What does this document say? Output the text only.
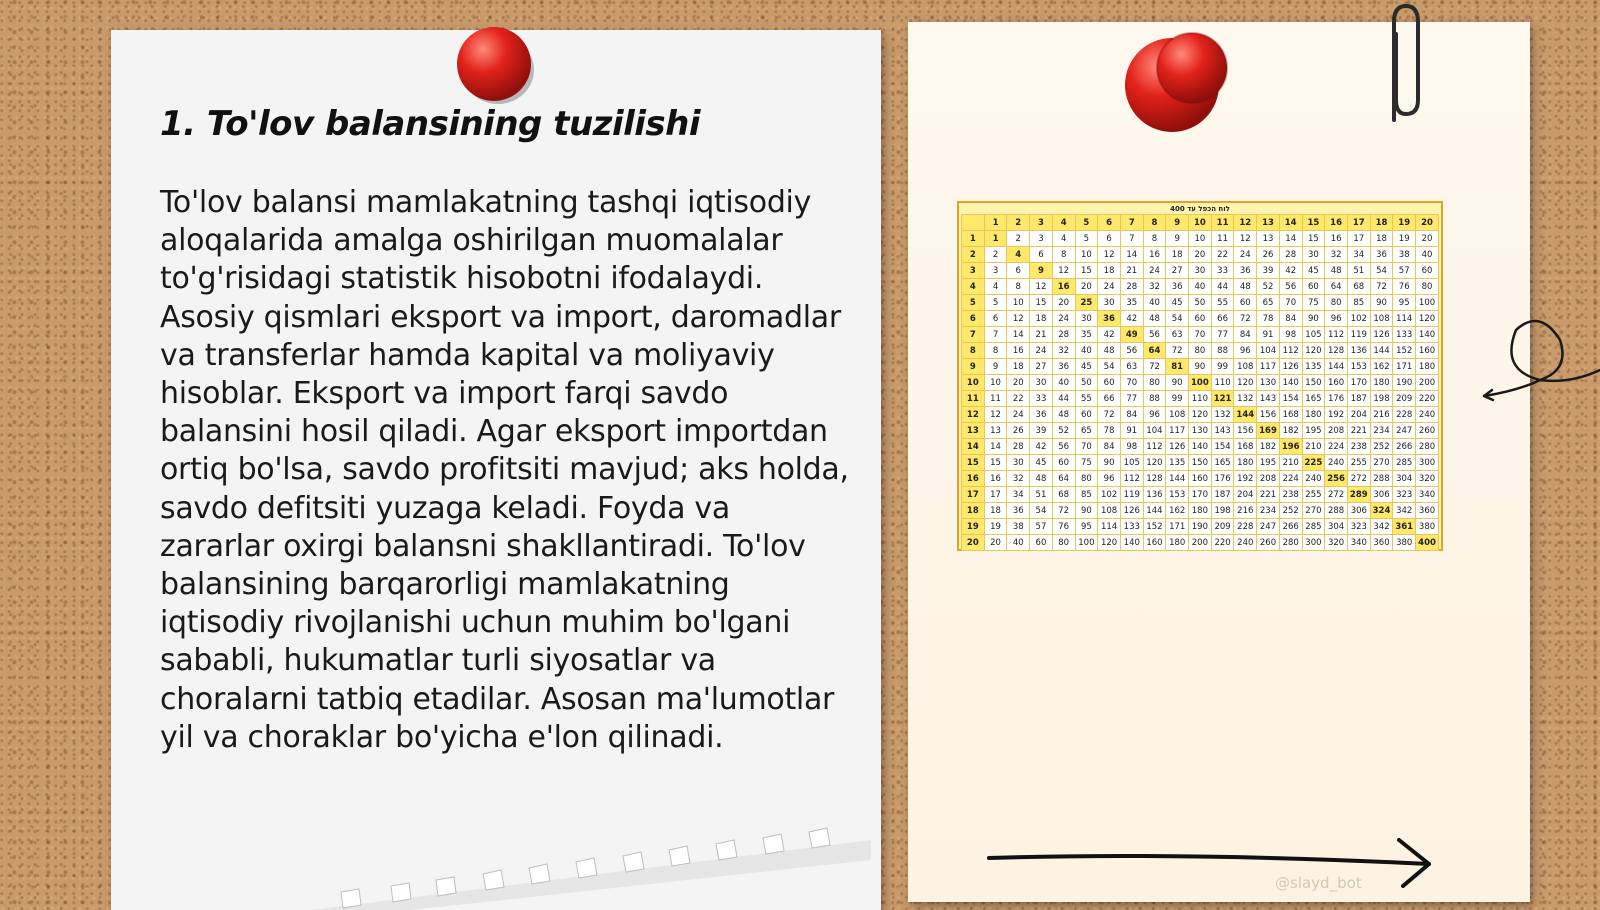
1. To'lov balansining tuzilishi

To'lov balansi mamlakatning tashqi iqtisodiy aloqalarida amalga oshirilgan muomalalar to'g'risidagi statistik hisobotni ifodalaydi. Asosiy qismlari eksport va import, daromadlar va transferlar hamda kapital va moliyaviy hisoblar. Eksport va import farqi savdo balansini hosil qiladi. Agar eksport importdan ortiq bo'lsa, savdo profitsiti mavjud; aks holda, savdo defitsiti yuzaga keladi. Foyda va zararlar oxirgi balansni shakllantiradi. To'lov balansining barqarorligi mamlakatning iqtisodiy rivojlanishi uchun muhim bo'lgani sababli, hukumatlar turli siyosatlar va choralarni tatbiq etadilar. Asosan ma'lumotlar yil va choraklar bo'yicha e'lon qilinadi.

לוח הכפל עד 400
	1	2	3	4	5	6	7	8	9	10	11	12	13	14	15	16	17	18	19	20
1	1	2	3	4	5	6	7	8	9	10	11	12	13	14	15	16	17	18	19	20
2	2	4	6	8	10	12	14	16	18	20	22	24	26	28	30	32	34	36	38	40
3	3	6	9	12	15	18	21	24	27	30	33	36	39	42	45	48	51	54	57	60
4	4	8	12	16	20	24	28	32	36	40	44	48	52	56	60	64	68	72	76	80
5	5	10	15	20	25	30	35	40	45	50	55	60	65	70	75	80	85	90	95	100
6	6	12	18	24	30	36	42	48	54	60	66	72	78	84	90	96	102	108	114	120
7	7	14	21	28	35	42	49	56	63	70	77	84	91	98	105	112	119	126	133	140
8	8	16	24	32	40	48	56	64	72	80	88	96	104	112	120	128	136	144	152	160
9	9	18	27	36	45	54	63	72	81	90	99	108	117	126	135	144	153	162	171	180
10	10	20	30	40	50	60	70	80	90	100	110	120	130	140	150	160	170	180	190	200
11	11	22	33	44	55	66	77	88	99	110	121	132	143	154	165	176	187	198	209	220
12	12	24	36	48	60	72	84	96	108	120	132	144	156	168	180	192	204	216	228	240
13	13	26	39	52	65	78	91	104	117	130	143	156	169	182	195	208	221	234	247	260
14	14	28	42	56	70	84	98	112	126	140	154	168	182	196	210	224	238	252	266	280
15	15	30	45	60	75	90	105	120	135	150	165	180	195	210	225	240	255	270	285	300
16	16	32	48	64	80	96	112	128	144	160	176	192	208	224	240	256	272	288	304	320
17	17	34	51	68	85	102	119	136	153	170	187	204	221	238	255	272	289	306	323	340
18	18	36	54	72	90	108	126	144	162	180	198	216	234	252	270	288	306	324	342	360
19	19	38	57	76	95	114	133	152	171	190	209	228	247	266	285	304	323	342	361	380
20	20	40	60	80	100	120	140	160	180	200	220	240	260	280	300	320	340	360	380	400
@slayd_bot
